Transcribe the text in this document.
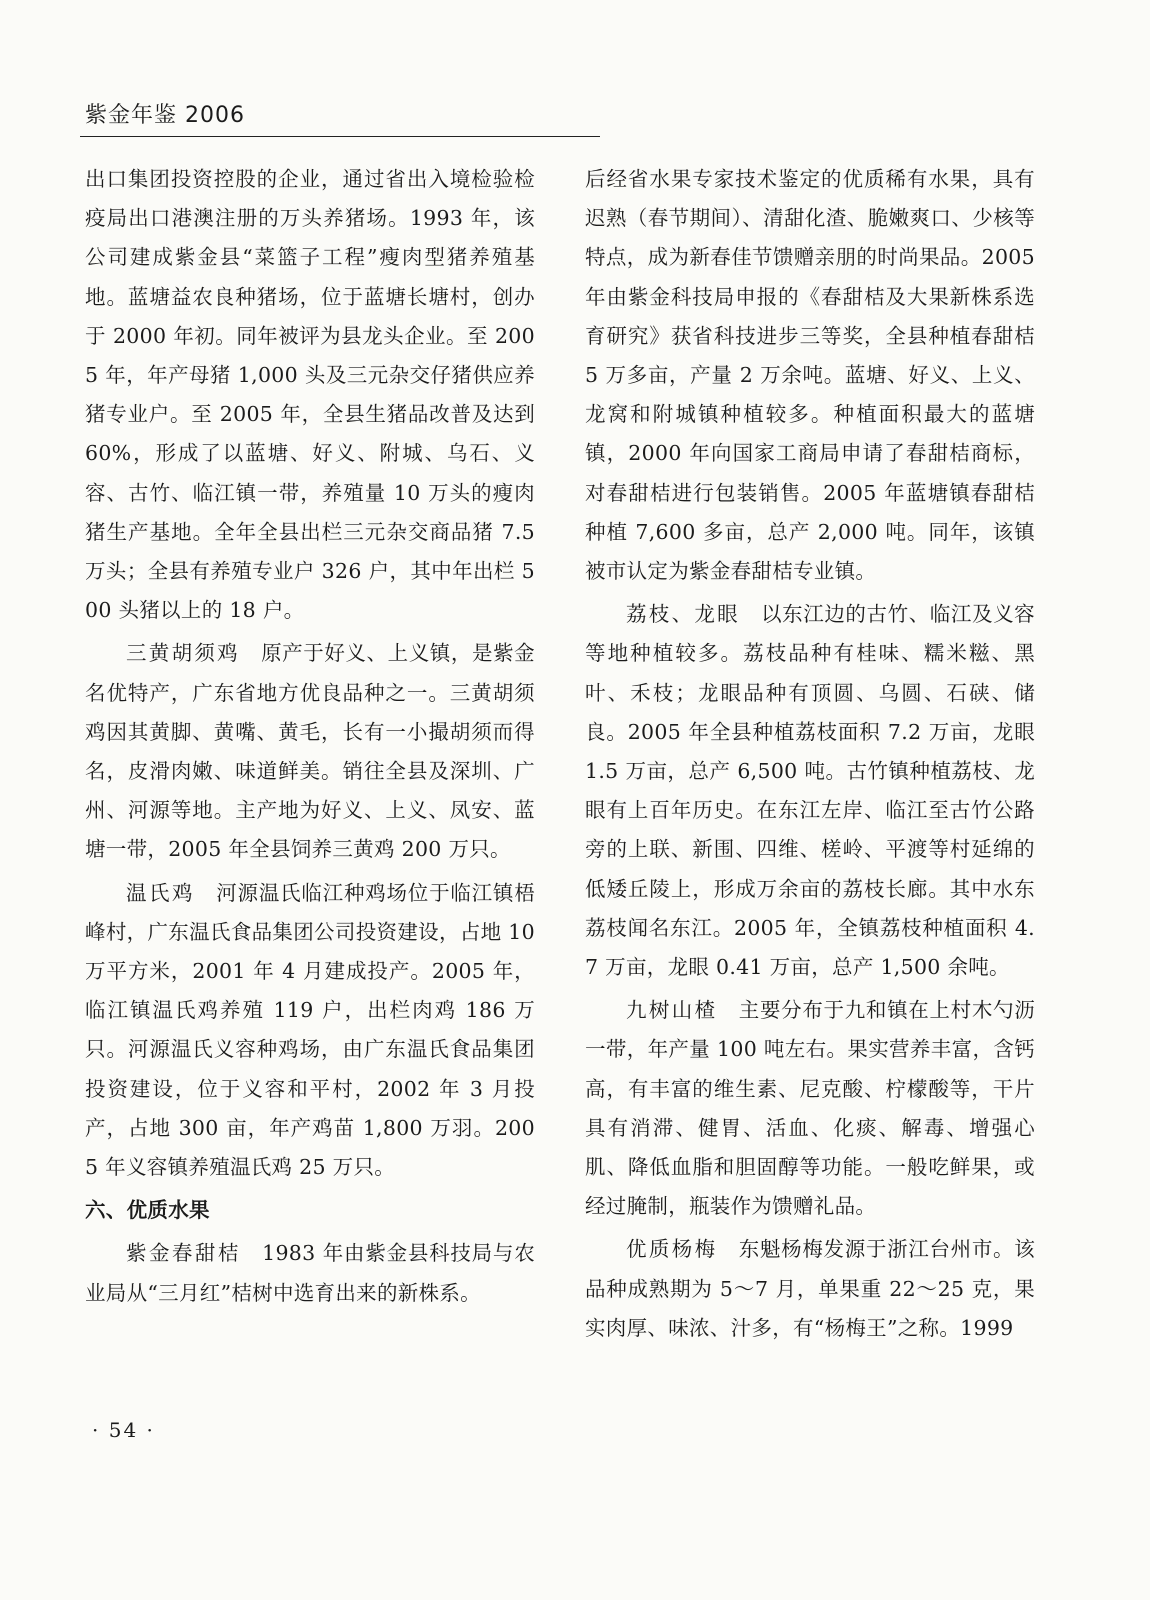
紫金年鉴 2006

出口集团投资控股的企业，通过省出入境检验检疫局出口港澳注册的万头养猪场。1993 年，该公司建成紫金县“菜篮子工程”瘦肉型猪养殖基地。蓝塘益农良种猪场，位于蓝塘长塘村，创办于 2000 年初。同年被评为县龙头企业。至 2005 年，年产母猪 1,000 头及三元杂交仔猪供应养猪专业户。至 2005 年，全县生猪品改普及达到 60%，形成了以蓝塘、好义、附城、乌石、义容、古竹、临江镇一带，养殖量 10 万头的瘦肉猪生产基地。全年全县出栏三元杂交商品猪 7.5 万头；全县有养殖专业户 326 户，其中年出栏 500 头猪以上的 18 户。

三黄胡须鸡　 原产于好义、上义镇，是紫金名优特产，广东省地方优良品种之一。三黄胡须鸡因其黄脚、黄嘴、黄毛，长有一小撮胡须而得名，皮滑肉嫩、味道鲜美。销往全县及深圳、广州、河源等地。主产地为好义、上义、凤安、蓝塘一带，2005 年全县饲养三黄鸡 200 万只。

温氏鸡　 河源温氏临江种鸡场位于临江镇梧峰村，广东温氏食品集团公司投资建设，占地 10 万平方米，2001 年 4 月建成投产。2005 年，临江镇温氏鸡养殖 119 户，出栏肉鸡 186 万只。河源温氏义容种鸡场，由广东温氏食品集团投资建设，位于义容和平村，2002 年 3 月投产，占地 300 亩，年产鸡苗 1,800 万羽。2005 年义容镇养殖温氏鸡 25 万只。

六、优质水果

紫金春甜桔　 1983 年由紫金县科技局与农业局从“三月红”桔树中选育出来的新株系。

后经省水果专家技术鉴定的优质稀有水果，具有迟熟（春节期间）、清甜化渣、脆嫩爽口、少核等特点，成为新春佳节馈赠亲朋的时尚果品。2005 年由紫金科技局申报的《春甜桔及大果新株系选育研究》获省科技进步三等奖，全县种植春甜桔 5 万多亩，产量 2 万余吨。蓝塘、好义、上义、龙窝和附城镇种植较多。种植面积最大的蓝塘镇，2000 年向国家工商局申请了春甜桔商标，对春甜桔进行包装销售。2005 年蓝塘镇春甜桔种植 7,600 多亩，总产 2,000 吨。同年，该镇被市认定为紫金春甜桔专业镇。

荔枝、龙眼　 以东江边的古竹、临江及义容等地种植较多。荔枝品种有桂味、糯米糍、黑叶、禾枝；龙眼品种有顶圆、乌圆、石硖、储良。2005 年全县种植荔枝面积 7.2 万亩，龙眼 1.5 万亩，总产 6,500 吨。古竹镇种植荔枝、龙眼有上百年历史。在东江左岸、临江至古竹公路旁的上联、新围、四维、槎岭、平渡等村延绵的低矮丘陵上，形成万余亩的荔枝长廊。其中水东荔枝闻名东江。2005 年，全镇荔枝种植面积 4.7 万亩，龙眼 0.41 万亩，总产 1,500 余吨。

九树山楂　 主要分布于九和镇在上村木勺沥一带，年产量 100 吨左右。果实营养丰富，含钙高，有丰富的维生素、尼克酸、柠檬酸等，干片具有消滞、健胃、活血、化痰、解毒、增强心肌、降低血脂和胆固醇等功能。一般吃鲜果，或经过腌制，瓶装作为馈赠礼品。

优质杨梅　 东魁杨梅发源于浙江台州市。该品种成熟期为 5～7 月，单果重 22～25 克，果实肉厚、味浓、汁多，有“杨梅王”之称。1999

· 54 ·
